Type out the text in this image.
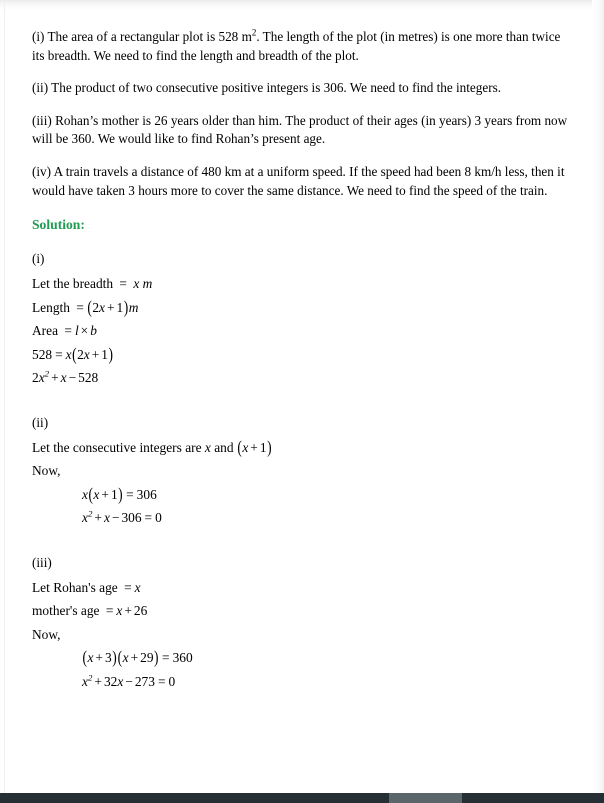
(i) The area of a rectangular plot is 528 $m^2$. The length of the plot (in metres) is one more than twice its breadth. We need to find the length and breadth of the plot.

(ii) The product of two consecutive positive integers is 306. We need to find the integers.

(iii) Rohan’s mother is 26 years older than him. The product of their ages (in years) 3 years from now will be 360. We would like to find Rohan’s present age.

(iv) A train travels a distance of 480 km at a uniform speed. If the speed had been 8 km/h less, then it would have taken 3 hours more to cover the same distance. We need to find the speed of the train.

Solution:
(i)
Let the breadth = x m
Length = (2x + 1)m
Area = l × b
528 = x(2x + 1)
$2x^2 + x - 528$
(ii)
Let the consecutive integers are x and (x + 1)
Now,
x(x + 1) = 306
$x^2 + x - 306 = 0$
(iii)
Let Rohan's age = x
mother's age = x + 26
Now,
(x + 3)(x + 29) = 360
$x^2 + 32x - 273 = 0$
